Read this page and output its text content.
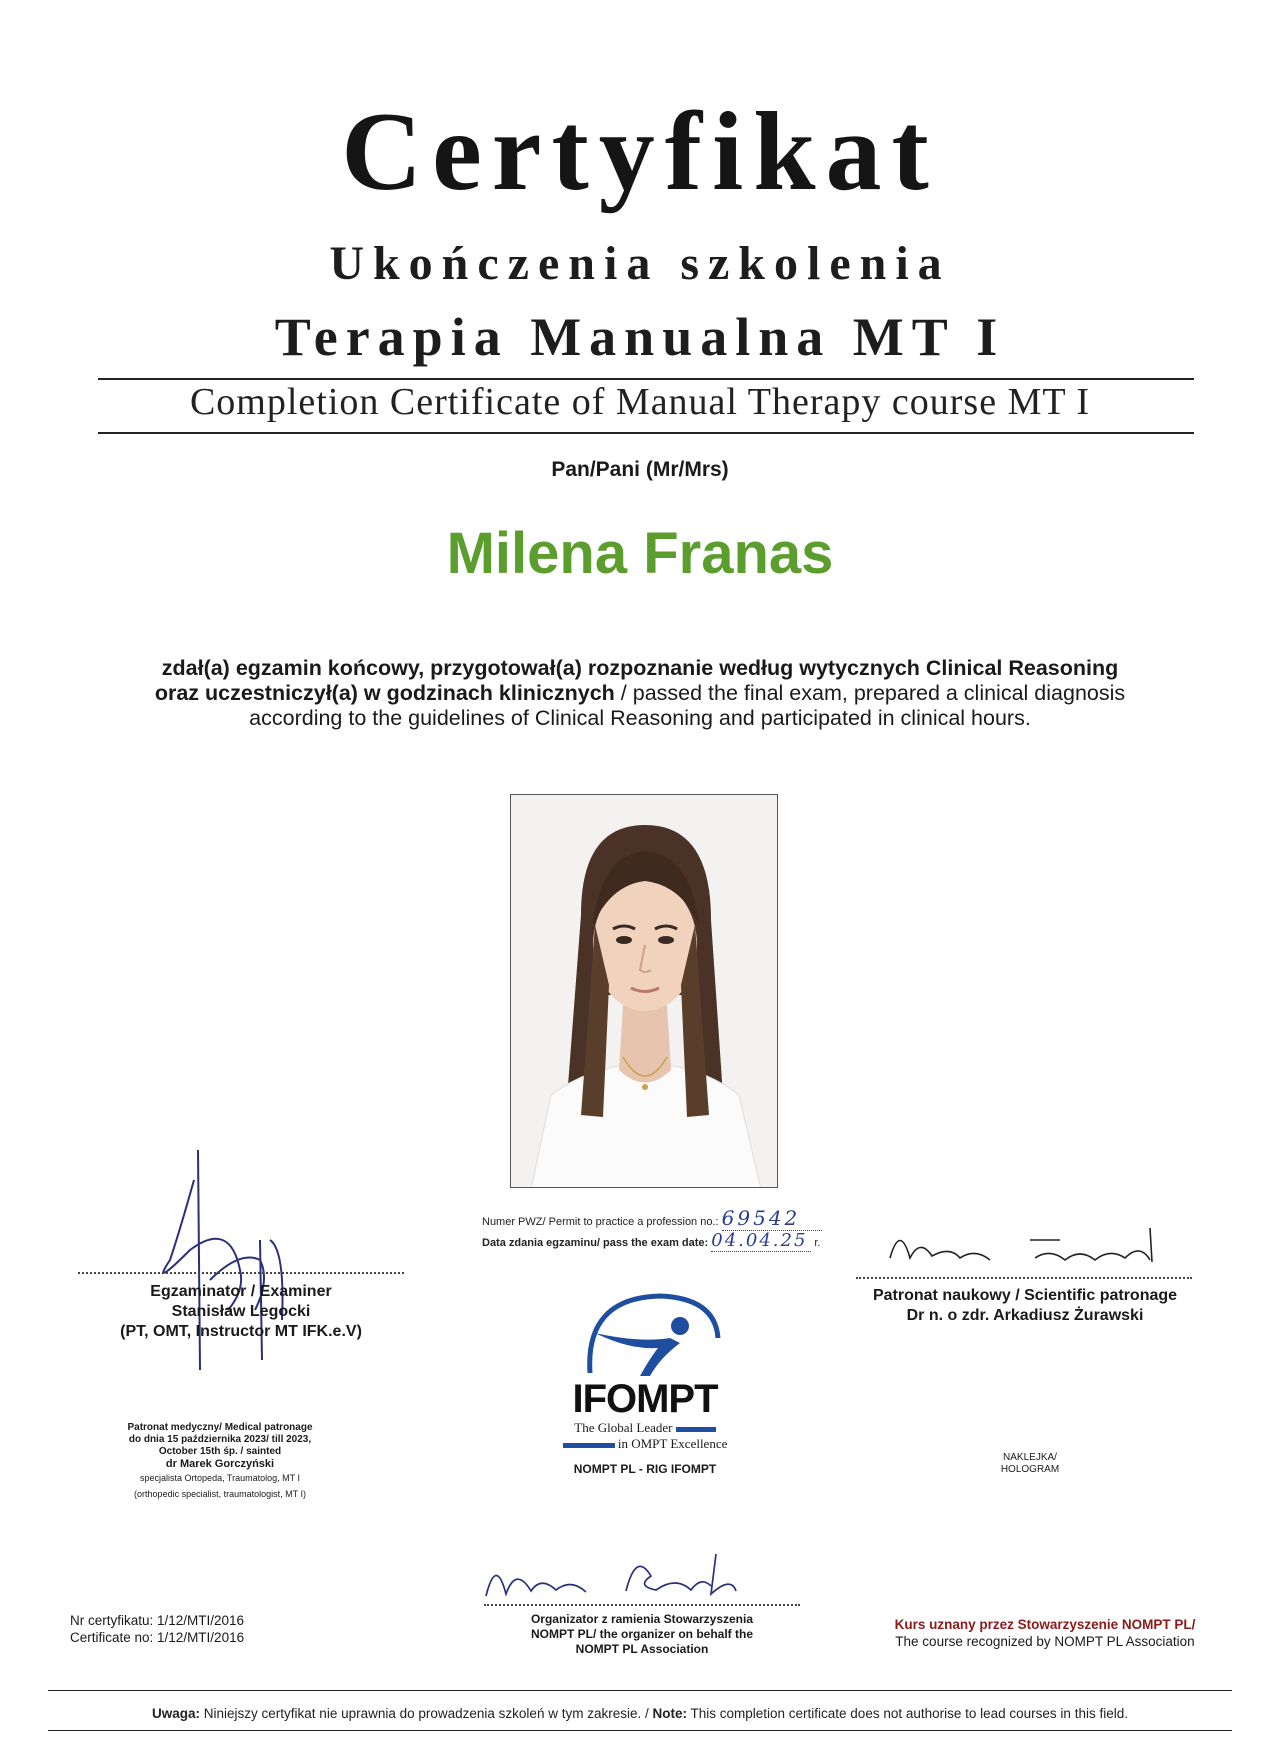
Certyfikat
Ukończenia szkolenia
Terapia Manualna MT I
Completion Certificate of Manual Therapy course MT I
Pan/Pani (Mr/Mrs)
Milena Franas
zdał(a) egzamin końcowy, przygotował(a) rozpoznanie według wytycznych Clinical Reasoning
oraz uczestniczył(a) w godzinach klinicznych / passed the final exam, prepared a clinical diagnosis
according to the guidelines of Clinical Reasoning and participated in clinical hours.
Numer PWZ/ Permit to practice a profession no.: 69542
Data zdania egzaminu/ pass the exam date: 04.04.25 r.
Egzaminator / Examiner
Stanisław Legocki
(PT, OMT, Instructor MT IFK.e.V)
Patronat naukowy / Scientific patronage
Dr n. o zdr. Arkadiusz Żurawski
Patronat medyczny/ Medical patronage
do dnia 15 października 2023/ till 2023,
October 15th śp. / sainted
dr Marek Gorczyński
specjalista Ortopeda, Traumatolog, MT I
(orthopedic specialist, traumatologist, MT I)
IFOMPT
The Global Leader
in OMPT Excellence
NOMPT PL - RIG IFOMPT
NAKLEJKA/
HOLOGRAM
Organizator z ramienia Stowarzyszenia
NOMPT PL/ the organizer on behalf the
NOMPT PL Association
Nr certyfikatu: 1/12/MTI/2016
Certificate no: 1/12/MTI/2016
Kurs uznany przez Stowarzyszenie NOMPT PL/
The course recognized by NOMPT PL Association
Uwaga: Niniejszy certyfikat nie uprawnia do prowadzenia szkoleń w tym zakresie. / Note: This completion certificate does not authorise to lead courses in this field.
